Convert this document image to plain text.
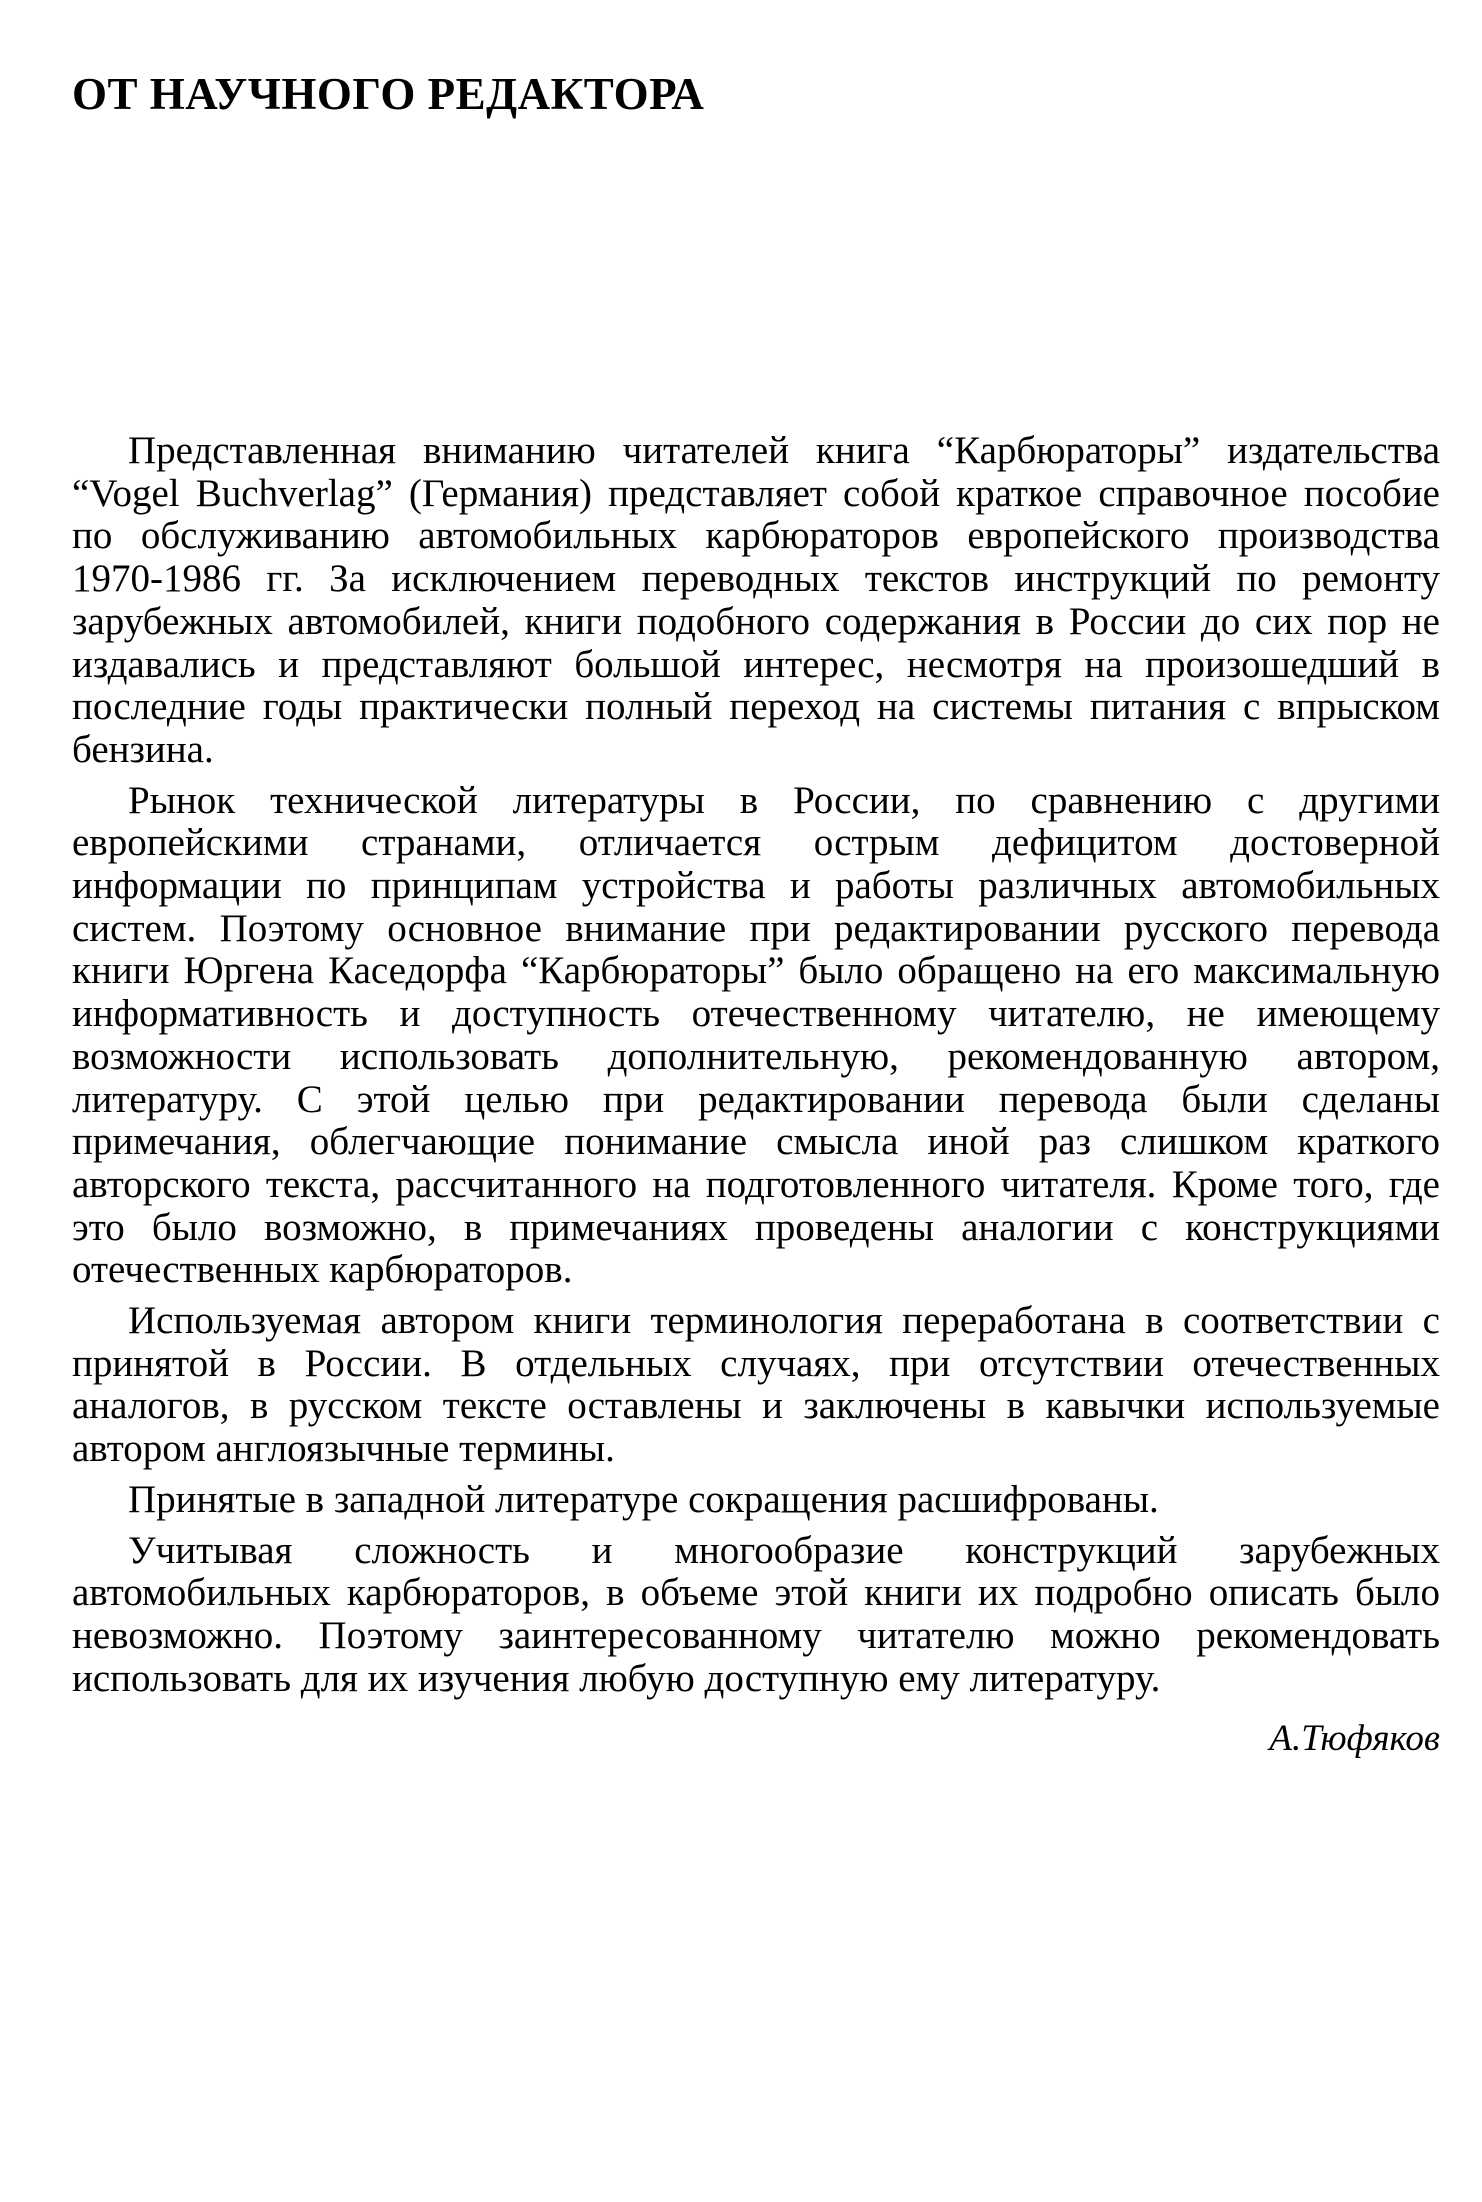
ОТ НАУЧНОГО РЕДАКТОРА

Представленная вниманию читателей книга “Карбюраторы” издательства “Vogel Buchverlag” (Германия) представляет собой краткое справочное пособие по обслуживанию автомобильных карбюраторов европейского производства 1970-1986 гг. За исключением переводных текстов инструкций по ремонту зарубежных автомобилей, книги подобного содержания в России до сих пор не издавались и представляют большой интерес, несмотря на произошедший в последние годы практически полный переход на системы питания с впрыском бензина.

Рынок технической литературы в России, по сравнению с другими европейскими странами, отличается острым дефицитом достоверной информации по принципам устройства и работы различных автомобильных систем. Поэтому основное внимание при редактировании русского перевода книги Юргена Каседорфа “Карбюраторы” было обращено на его максимальную информативность и доступность отечественному читателю, не имеющему возможности использовать дополнительную, рекомендованную автором, литературу. С этой целью при редактировании перевода были сделаны примечания, облегчающие понимание смысла иной раз слишком краткого авторского текста, рассчитанного на подготовленного читателя. Кроме того, где это было возможно, в примечаниях проведены аналогии с конструкциями отечественных карбюраторов.

Используемая автором книги терминология переработана в соответствии с принятой в России. В отдельных случаях, при отсутствии отечественных аналогов, в русском тексте оставлены и заключены в кавычки используемые автором англоязычные термины.

Принятые в западной литературе сокращения расшифрованы.

Учитывая сложность и многообразие конструкций зарубежных автомобильных карбюраторов, в объеме этой книги их подробно описать было невозможно. Поэтому заинтересованному читателю можно рекомендовать использовать для их изучения любую доступную ему литературу.

А.Тюфяков
